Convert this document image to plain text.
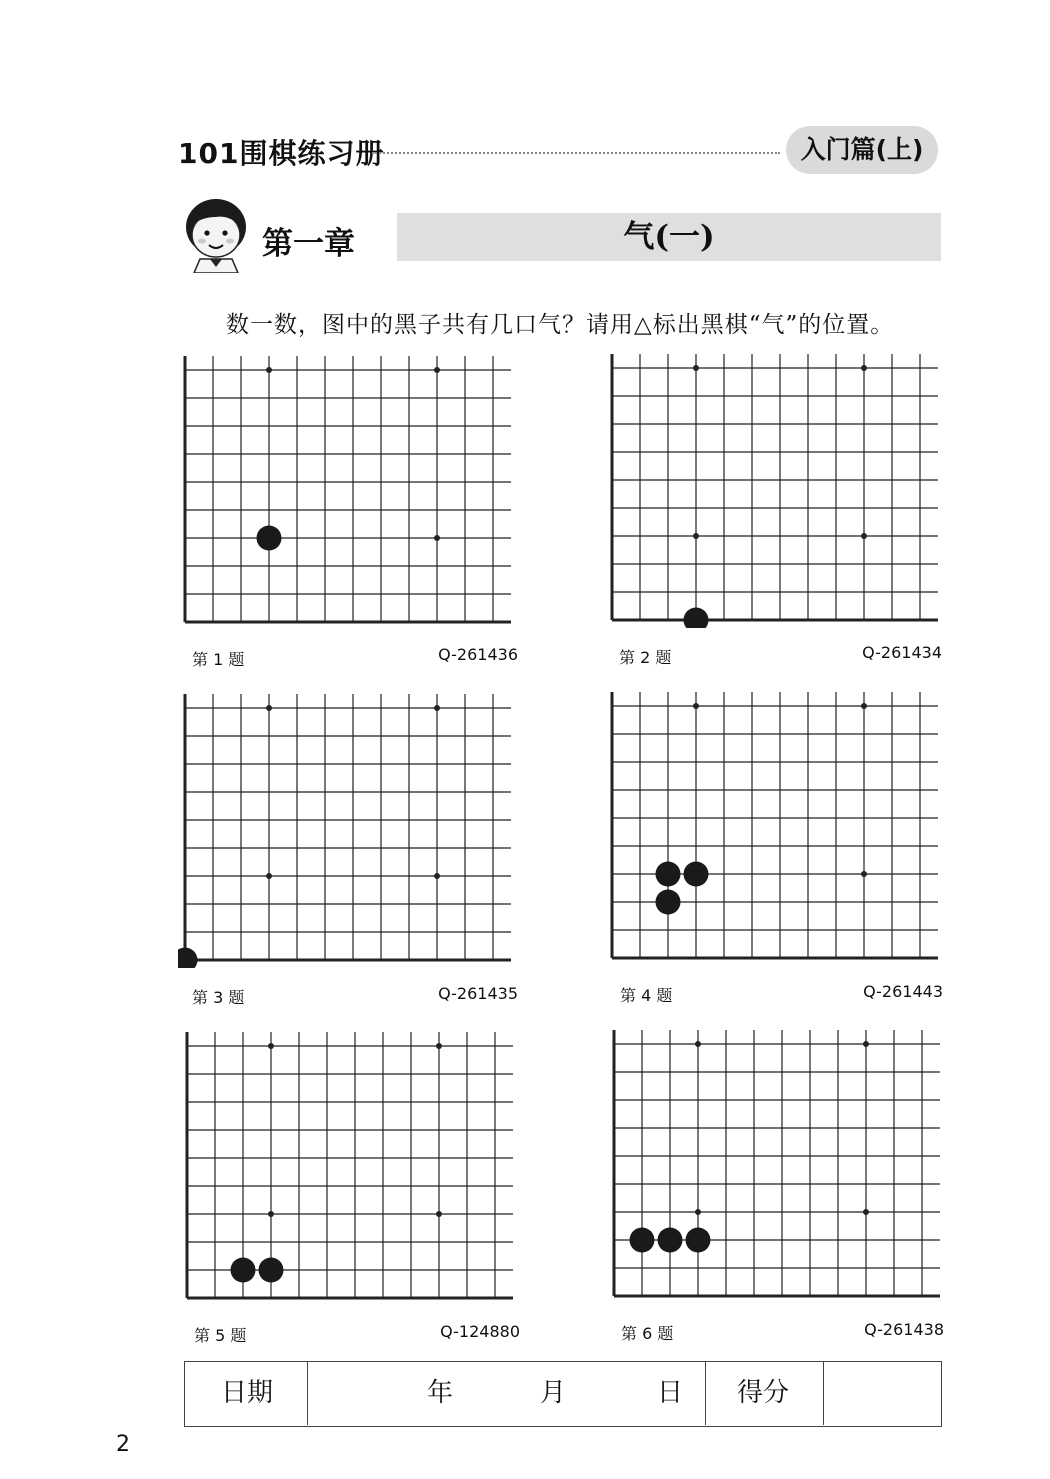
101围棋练习册	入门篇(上)
第一章	气(一)
数一数，图中的黑子共有几口气？请用△标出黑棋“气”的位置。
第 1 题	Q-261436	第 2 题	Q-261434
第 3 题	Q-261435	第 4 题	Q-261443
第 5 题	Q-124880	第 6 题	Q-261438
日期	年	月	日 得分
2
